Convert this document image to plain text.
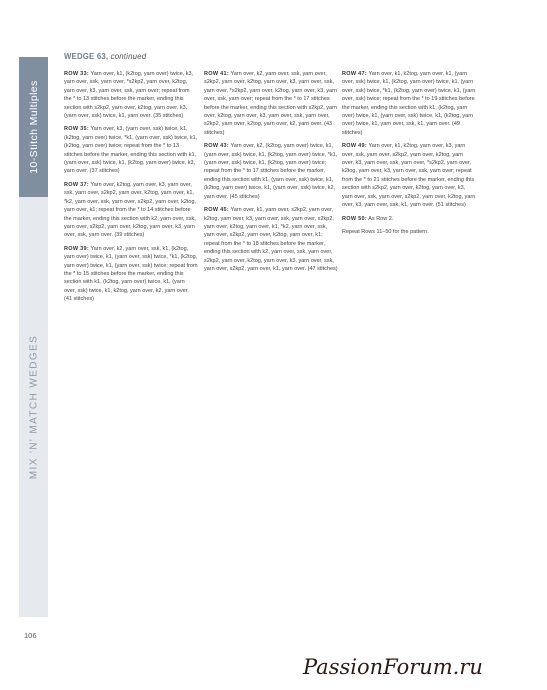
10-Stitch Multiples
MIX 'N' MATCH WEDGES
106
WEDGE 63, continued

ROW 33: Yarn over, k1, (k2tog, yarn over) twice, k3, yarn over, ssk, yarn over, *s2kp2, yarn over, k2tog, yarn over, k3, yarn over, ssk, yarn over; repeat from the * to 13 stitches before the marker, ending this section with s2kp2, yarn over, k2tog, yarn over, k3, (yarn over, ssk) twice, k1, yarn over. (35 stitches)

ROW 35: Yarn over, k3, (yarn over, ssk) twice, k1, (k2tog, yarn over) twice, *k1, (yarn over, ssk) twice, k1, (k2tog, yarn over) twice; repeat from the * to 13 stitches before the marker, ending this section with k1, (yarn over, ssk) twice, k1, (k2tog, yarn over) twice, k3, yarn over. (37 stitches)

ROW 37: Yarn over, k2tog, yarn over, k3, yarn over, ssk, yarn over, s2kp2, yarn over, k2tog, yarn over, k1, *k2, yarn over, ssk, yarn over, s2kp2, yarn over, k2tog, yarn over, k1; repeat from the * to 14 stitches before the marker, ending this section with k2, yarn over, ssk, yarn over, s2kp2, yarn over, k2tog, yarn over, k3, yarn over, ssk, yarn over. (39 stitches)

ROW 39: Yarn over, k2, yarn over, ssk, k1, (k2tog, yarn over) twice, k1, (yarn over, ssk) twice, *k1, (k2tog, yarn over) twice, k1, (yarn over, ssk) twice; repeat from the * to 15 stitches before the marker, ending this section with k1, (k2tog, yarn over) twice, k1, (yarn over, ssk) twice, k1, k2tog, yarn over, k2, yarn over. (41 stitches)

ROW 41: Yarn over, k2, yarn over, ssk, yarn over, s2kp2, yarn over, k2tog, yarn over, k3, yarn over, ssk, yarn over, *s2kp2, yarn over, k2tog, yarn over, k3, yarn over, ssk, yarn over; repeat from the * to 17 stitches before the marker, ending this section with s2kp2, yarn over, k2tog, yarn over, k3, yarn over, ssk, yarn over, s2kp2, yarn over, k2tog, yarn over, k2, yarn over. (43 stitches)

ROW 43: Yarn over, k2, (k2tog, yarn over) twice, k1, (yarn over, ssk) twice, k1, (k2tog, yarn over) twice, *k1, (yarn over, ssk) twice, k1, (k2tog, yarn over) twice; repeat from the * to 17 stitches before the marker, ending this section with k1, (yarn over, ssk) twice, k1, (k2tog, yarn over) twice, k1, (yarn over, ssk) twice, k2, yarn over. (45 stitches)

ROW 45: Yarn over, k1, yarn over, s2kp2, yarn over, k2tog, yarn over, k3, yarn over, ssk, yarn over, s2kp2, yarn over, k2tog, yarn over, k1, *k2, yarn over, ssk, yarn over, s2kp2, yarn over, k2tog, yarn over, k1; repeat from the * to 18 stitches before the marker, ending this section with k2, yarn over, ssk, yarn over, s2kp2, yarn over, k2tog, yarn over, k3, yarn over, ssk, yarn over, s2kp2, yarn over, k1, yarn over. (47 stitches)

ROW 47: Yarn over, k1, k2tog, yarn over, k1, (yarn over, ssk) twice, k1, (k2tog, yarn over) twice, k1, (yarn over, ssk) twice, *k1, (k2tog, yarn over) twice, k1, (yarn over, ssk) twice; repeat from the * to 19 stitches before the marker, ending this section with k1, (k2tog, yarn over) twice, k1, (yarn over, ssk) twice, k1, (k2tog, yarn over) twice, k1, yarn over, ssk, k1, yarn over. (49 stitches)

ROW 49: Yarn over, k1, k2tog, yarn over, k3, yarn over, ssk, yarn over, s2kp2, yarn over, k2tog, yarn over, k3, yarn over, ssk, yarn over, *s2kp2, yarn over, k2tog, yarn over, k3, yarn over, ssk, yarn over; repeat from the * to 21 stitches before the marker, ending this section with s2kp2, yarn over, k2tog, yarn over, k3, yarn over, ssk, yarn over, s2kp2, yarn over, k2tog, yarn over, k3, yarn over, ssk, k1, yarn over. (51 stitches)

ROW 50: As Row 2.

Repeat Rows 11–50 for the pattern.

PassionForum.ru
